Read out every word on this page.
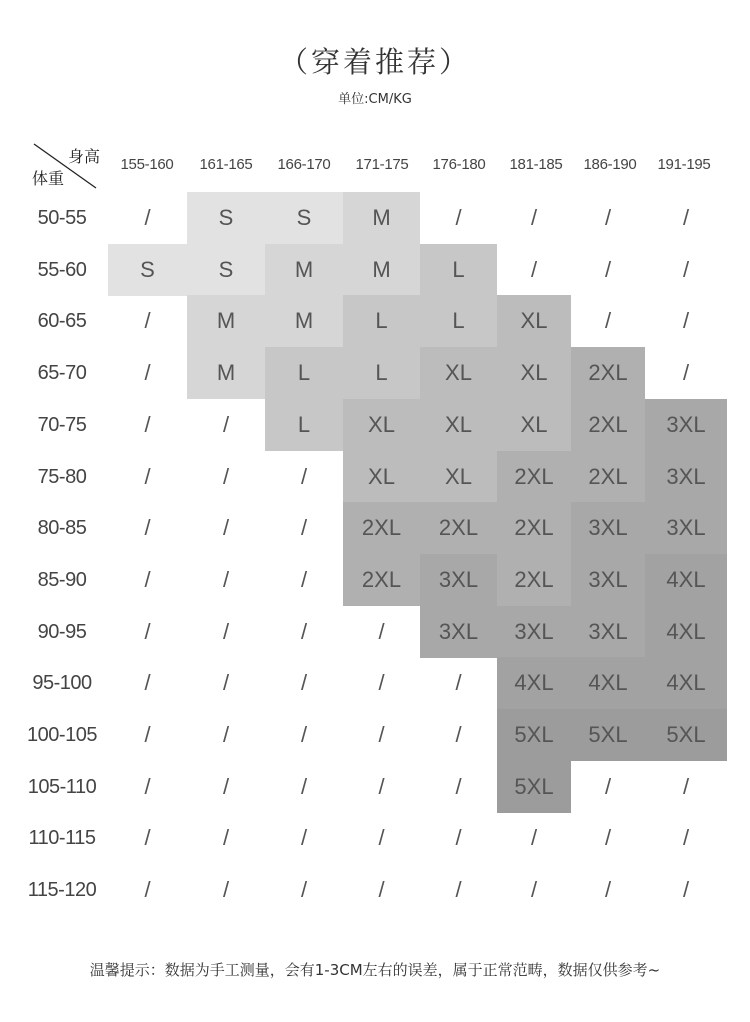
（穿着推荐）
单位:CM/KG
身高
体重
155-160	161-165	166-170	171-175	176-180	181-185	186-190	191-195
50-55	/	S	S	M	/	/	/	/
55-60	S	S	M	M	L	/	/	/
60-65	/	M	M	L	L	XL	/	/
65-70	/	M	L	L	XL	XL	2XL	/
70-75	/	/	L	XL	XL	XL	2XL	3XL
75-80	/	/	/	XL	XL	2XL	2XL	3XL
80-85	/	/	/	2XL	2XL	2XL	3XL	3XL
85-90	/	/	/	2XL	3XL	2XL	3XL	4XL
90-95	/	/	/	/	3XL	3XL	3XL	4XL
95-100	/	/	/	/	/	4XL	4XL	4XL
100-105	/	/	/	/	/	5XL	5XL	5XL
105-110	/	/	/	/	/	5XL	/	/
110-115	/	/	/	/	/	/	/	/
115-120	/	/	/	/	/	/	/	/
温馨提示：数据为手工测量，会有1-3CM左右的误差，属于正常范畴，数据仅供参考~
